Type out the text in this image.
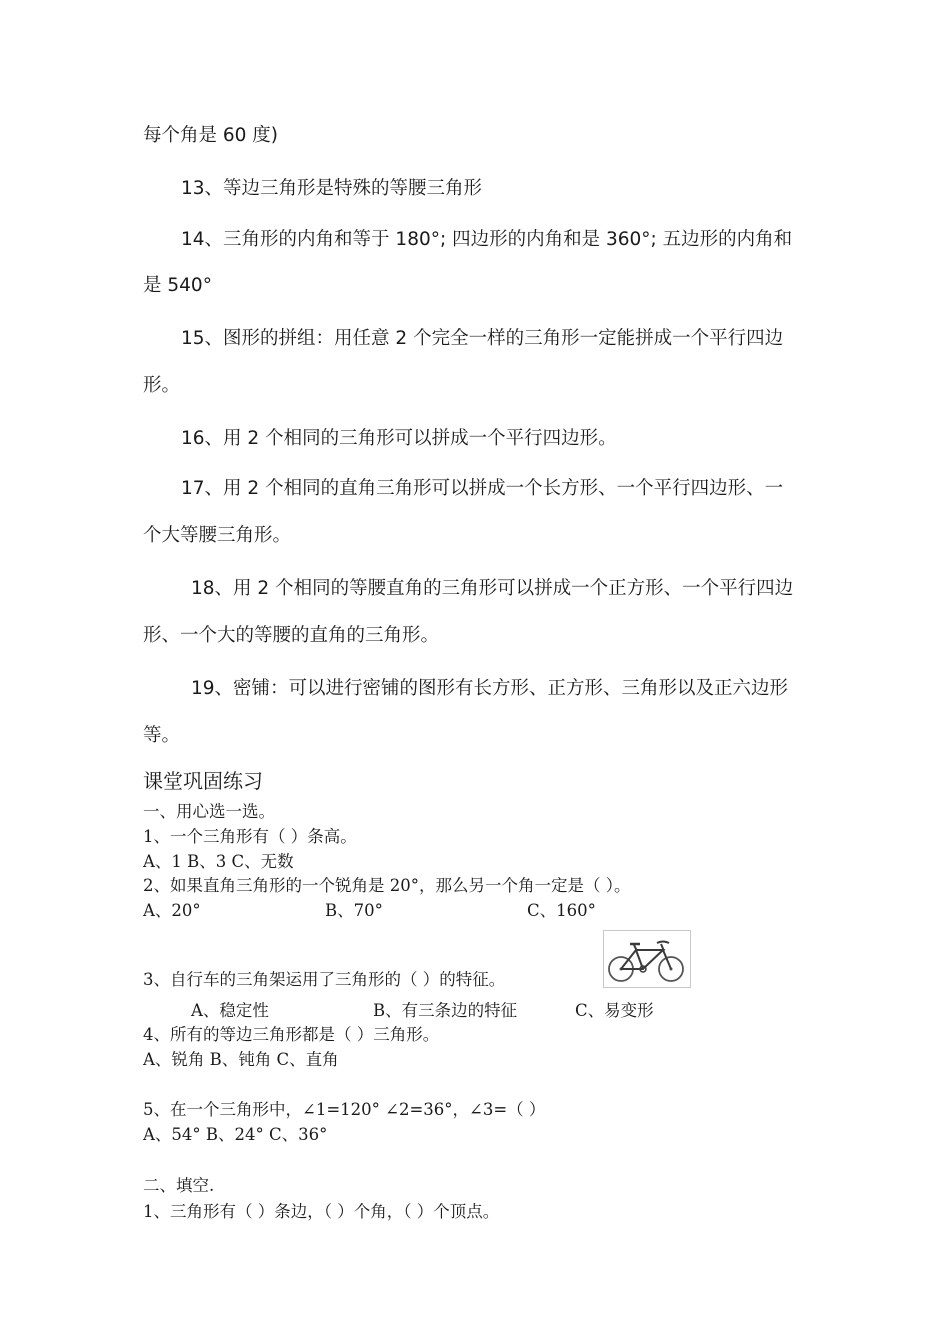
每个角是 60 度)
13、等边三角形是特殊的等腰三角形
14、三角形的内角和等于 180°; 四边形的内角和是 360°; 五边形的内角和
是 540°
15、图形的拼组：用任意 2 个完全一样的三角形一定能拼成一个平行四边
形。
16、用 2 个相同的三角形可以拼成一个平行四边形。
17、用 2 个相同的直角三角形可以拼成一个长方形、一个平行四边形、一
个大等腰三角形。
18、用 2 个相同的等腰直角的三角形可以拼成一个正方形、一个平行四边
形、一个大的等腰的直角的三角形。
19、密铺：可以进行密铺的图形有长方形、正方形、三角形以及正六边形
等。
课堂巩固练习
一、用心选一选。
1、一个三角形有（ ）条高。
A、1 B、3 C、无数
2、如果直角三角形的一个锐角是 20°，那么另一个角一定是（ ）。
A、20°	B、70°	C、160°
3、自行车的三角架运用了三角形的（ ）的特征。
A、稳定性	B、有三条边的特征	C、易变形
4、所有的等边三角形都是（ ）三角形。
A、锐角 B、钝角 C、直角
5、在一个三角形中，∠1=120° ∠2=36°，∠3=（ ）
A、54° B、24° C、36°
二、填空.
1、三角形有（ ）条边，（ ）个角，（ ）个顶点。
